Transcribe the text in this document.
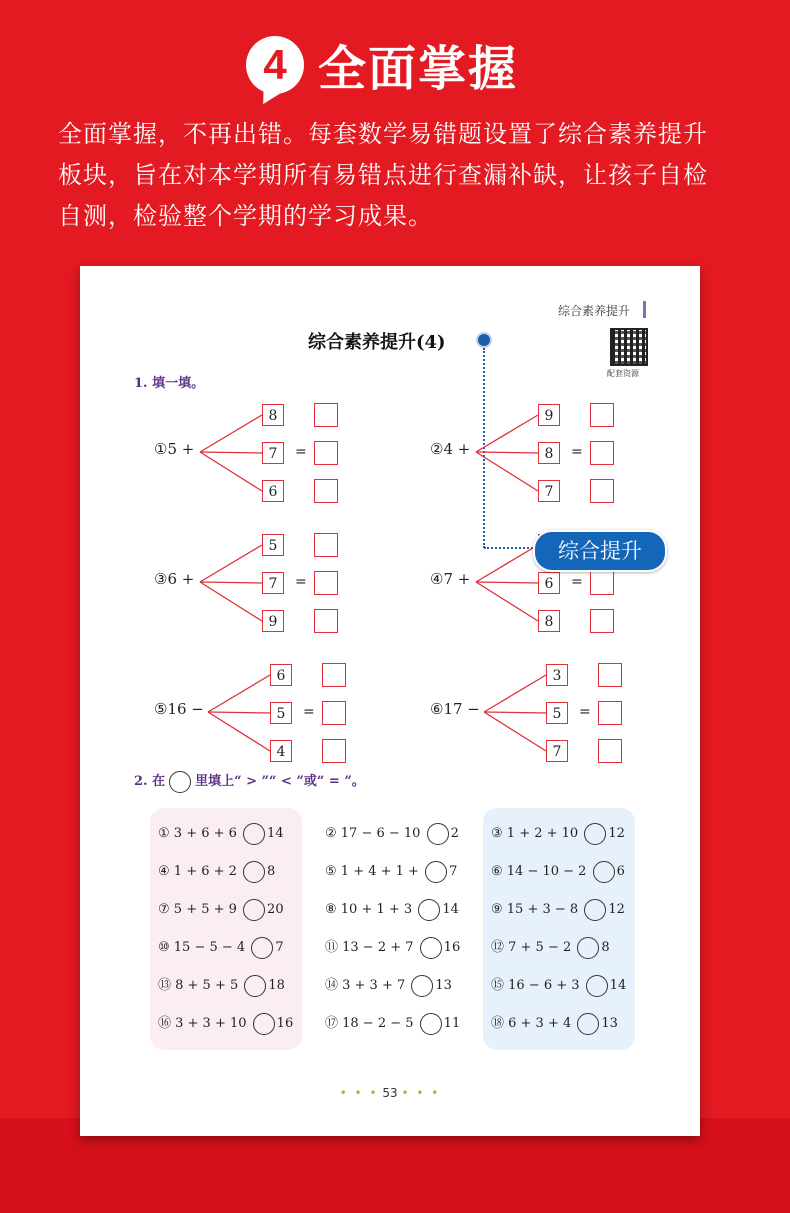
4 全面掌握
全面掌握，不再出错。每套数学易错题设置了综合素养提升
板块，旨在对本学期所有易错点进行查漏补缺，让孩子自检
自测，检验整个学期的学习成果。
综合素养提升
配套资源
综合素养提升(4)
1. 填一填。
①5 +
8
7
6
=	②4 +
9
8
7
=
③6 +
5
7
9
=	④7 +	6
8
=
⑤16 −
6
5
4
=	⑥17 −
3
5
7
=
综合提升
2. 在 里填上“ > ”“ < ”或“ = ”。
① 3 + 6 + 6 14	② 17 − 6 − 10 2 ③ 1 + 2 + 10 12
④ 1 + 6 + 2 8	⑤ 1 + 4 + 1 + 7	⑥ 14 − 10 − 2 6
⑦ 5 + 5 + 9 20	⑧ 10 + 1 + 3 14 ⑨ 15 + 3 − 8 12
⑩ 15 − 5 − 4 7	⑪ 13 − 2 + 7 16 ⑫ 7 + 5 − 2 8
⑬ 8 + 5 + 5 18	⑭ 3 + 3 + 7 13	⑮ 16 − 6 + 3 14
⑯ 3 + 3 + 10 16 ⑰ 18 − 2 − 5 11 ⑱ 6 + 3 + 4 13
• • • 53 • • •
